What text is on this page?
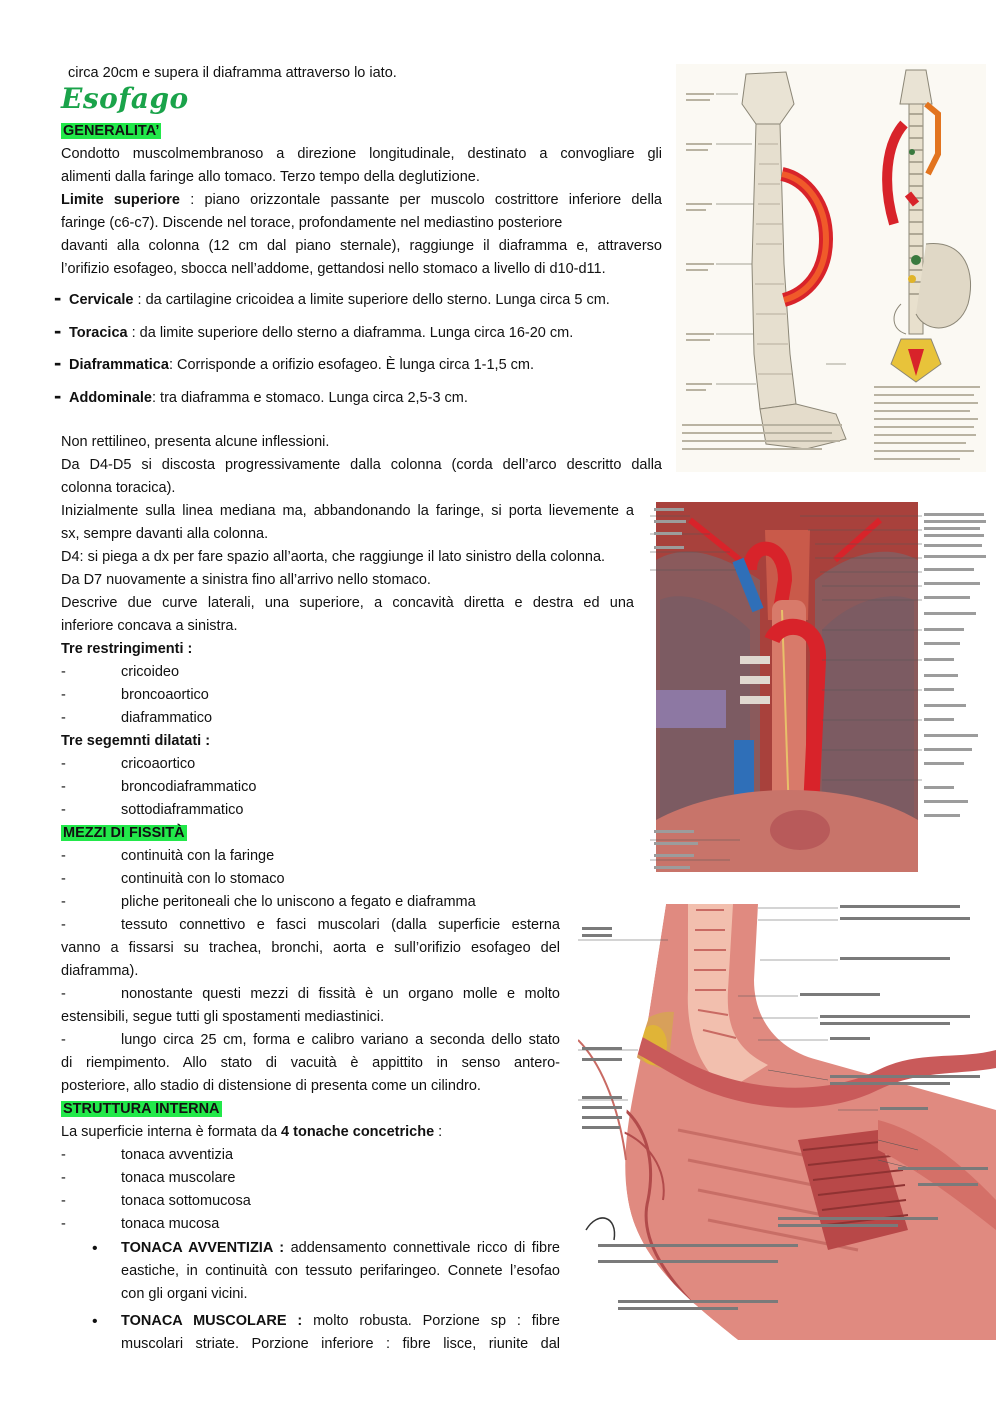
circa 20cm e supera il diaframma attraverso lo iato.
Esofago
GENERALITA’
Condotto muscolmembranoso a direzione longitudinale, destinato a convogliare gli
alimenti dalla faringe allo tomaco. Terzo tempo della deglutizione.
Limite superiore : piano orizzontale passante per muscolo costrittore inferiore della
faringe (c6-c7). Discende nel torace, profondamente nel mediastino posteriore
davanti alla colonna (12 cm dal piano sternale), raggiunge il diaframma e, attraverso
l’orifizio esofageo, sbocca nell’addome, gettandosi nello stomaco a livello di d10-d11.
- Cervicale : da cartilagine cricoidea a limite superiore dello sterno. Lunga circa 5 cm.
- Toracica : da limite superiore dello sterno a diaframma. Lunga circa 16-20 cm.
- Diaframmatica: Corrisponde a orifizio esofageo. È lunga circa 1-1,5 cm.
- Addominale: tra diaframma e stomaco. Lunga circa 2,5-3 cm.
Non rettilineo, presenta alcune inflessioni.
Da D4-D5 si discosta progressivamente dalla colonna (corda dell’arco descritto dalla
colonna toracica).
Inizialmente sulla linea mediana ma, abbandonando la faringe, si porta lievemente a
sx, sempre davanti alla colonna.
D4: si piega a dx per fare spazio all’aorta, che raggiunge il lato sinistro della colonna.
Da D7 nuovamente a sinistra fino all’arrivo nello stomaco.
Descrive due curve laterali, una superiore, a concavità diretta e destra ed una
inferiore concava a sinistra.
Tre restringimenti :
-	cricoideo
-	broncoaortico
-	diaframmatico
Tre segemnti dilatati :
-	cricoaortico
-	broncodiaframmatico
-	sottodiaframmatico
MEZZI DI FISSITÀ
-	continuità con la faringe
-	continuità con lo stomaco
-	pliche peritoneali che lo uniscono a fegato e diaframma
-	tessuto connettivo e fasci muscolari (dalla superficie esterna
vanno a fissarsi su trachea, bronchi, aorta e sull’orifizio esofageo del
diaframma).
-	nonostante questi mezzi di fissità è un organo molle e molto
estensibili, segue tutti gli spostamenti mediastinici.
-	lungo circa 25 cm, forma e calibro variano a seconda dello stato
di riempimento. Allo stato di vacuità è appittito in senso antero-
posteriore, allo stadio di distensione di presenta come un cilindro.
STRUTTURA INTERNA
La superficie interna è formata da 4 tonache concetriche :
-	tonaca avventizia
-	tonaca muscolare
-	tonaca sottomucosa
-	tonaca mucosa
• TONACA AVVENTIZIA : addensamento connettivale ricco di fibre
eastiche, in continuità con tessuto perifaringeo. Connete l’esofao
con gli organi vicini.
• TONACA MUSCOLARE : molto robusta. Porzione sp : fibre
muscolari striate. Porzione inferiore : fibre lisce, riunite dal
